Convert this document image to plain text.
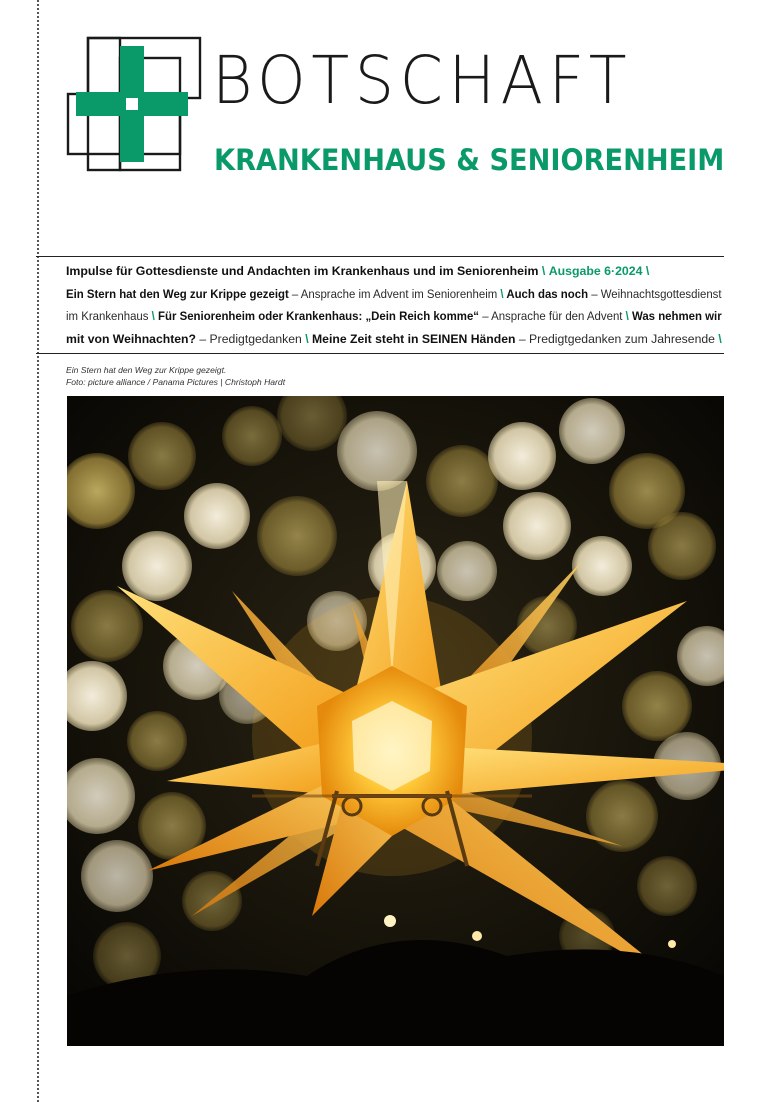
BOTSCHAFT
KRANKENHAUS & SENIORENHEIM
Impulse für Gottesdienste und Andachten im Krankenhaus und im Seniorenheim \ Ausgabe 6·2024 \
Ein Stern hat den Weg zur Krippe gezeigt – Ansprache im Advent im Seniorenheim \ Auch das noch – Weihnachtsgottesdienst
im Krankenhaus \ Für Seniorenheim oder Krankenhaus: „Dein Reich komme“ – Ansprache für den Advent \ Was nehmen wir
mit von Weihnachten? – Predigtgedanken \ Meine Zeit steht in SEINEN Händen – Predigtgedanken zum Jahresende \
Ein Stern hat den Weg zur Krippe gezeigt.
Foto: picture alliance / Panama Pictures | Christoph Hardt
